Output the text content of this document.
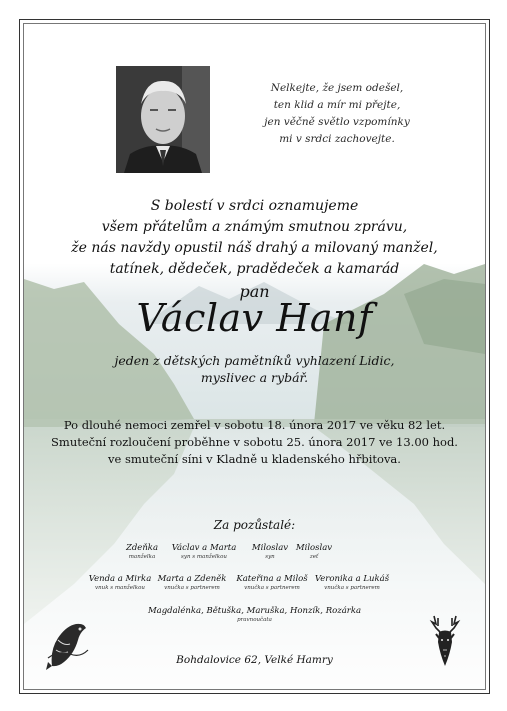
Nelkejte, že jsem odešel,
ten klid a mír mi přejte,
jen věčně světlo vzpomínky
mi v srdci zachovejte.
S bolestí v srdci oznamujeme
všem přátelům a známým smutnou zprávu,
že nás navždy opustil náš drahý a milovaný manžel,
tatínek, dědeček, pradědeček a kamarád
pan
Václav Hanf
jeden z dětských pamětníků vyhlazení Lidic,
myslivec a rybář.
Po dlouhé nemoci zemřel v sobotu 18. února 2017 ve věku 82 let.
Smuteční rozloučení proběhne v sobotu 25. února 2017 ve 13.00 hod.
ve smuteční síni v Kladně u kladenského hřbitova.
Za pozůstalé:
Zdeňka
manželka
Václav a Marta
syn s manželkou
Miloslav
syn
Miloslav
zeť
Venda a Mirka
vnuk s manželkou
Marta a Zdeněk
vnučka s partnerem
Kateřina a Miloš
vnučka s partnerem
Veronika a Lukáš
vnučka s partnerem
Magdalénka, Bětuška, Maruška, Honzík, Rozárka
pravnoučata
Bohdalovice 62, Velké Hamry
